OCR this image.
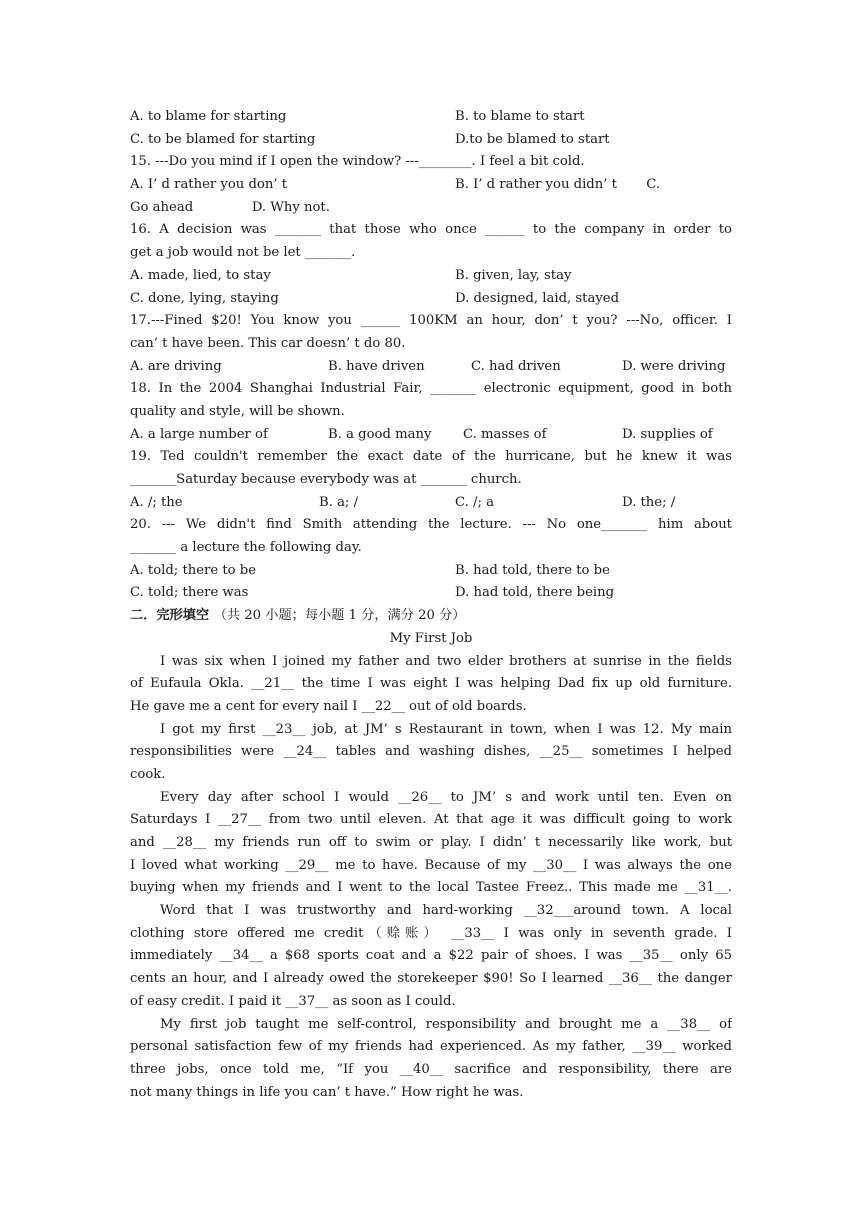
A. to blame for starting	B. to blame to start
C. to be blamed for starting	D.to be blamed to start
15. ---Do you mind if I open the window? ---________. I feel a bit cold.
A. I’ d rather you don’ t	B. I’ d rather you didn’ t       C.
Go ahead              D. Why not.
16. A decision was _______ that those who once ______ to the company in order to
get a job would not be let _______.
A. made, lied, to stay	B. given, lay, stay
C. done, lying, staying	D. designed, laid, stayed
17.---Fined $20! You know you ______ 100KM an hour, don’ t you? ---No, officer. I
can’ t have been. This car doesn’ t do 80.
A. are driving	B. have driven	C. had driven	D. were driving
18. In the 2004 Shanghai Industrial Fair, _______ electronic equipment, good in both
quality and style, will be shown.
A. a large number of	B. a good many C. masses of	D. supplies of
19. Ted couldn't remember the exact date of the hurricane, but he knew it was
_______Saturday because everybody was at _______ church.
A. /; the	B. a; /	C. /; a	D. the; /
20. --- We didn't find Smith attending the lecture. --- No one_______ him about
_______ a lecture the following day.
A. told; there to be	B. had told, there to be
C. told; there was	D. had told, there being
二．完形填空 （共 20 小题；每小题 1 分，满分 20 分）
My First Job
I was six when I joined my father and two elder brothers at sunrise in the fields
of Eufaula Okla. __21__ the time I was eight I was helping Dad fix up old furniture.
He gave me a cent for every nail I __22__ out of old boards.
I got my first __23__ job, at JM’ s Restaurant in town, when I was 12. My main
responsibilities were __24__ tables and washing dishes, __25__ sometimes I helped
cook.
Every day after school I would __26__ to JM’ s and work until ten. Even on
Saturdays I __27__ from two until eleven. At that age it was difficult going to work
and __28__ my friends run off to swim or play. I didn’ t necessarily like work, but
I loved what working __29__ me to have. Because of my __30__ I was always the one
buying when my friends and I went to the local Tastee Freez.. This made me __31__.
Word that I was trustworthy and hard-working __32___around town. A local
clothing store offered me credit（赊账） __33__ I was only in seventh grade. I
immediately __34__ a $68 sports coat and a $22 pair of shoes. I was __35__ only 65
cents an hour, and I already owed the storekeeper $90! So I learned __36__ the danger
of easy credit. I paid it __37__ as soon as I could.
My first job taught me self-control, responsibility and brought me a __38__ of
personal satisfaction few of my friends had experienced. As my father, __39__ worked
three jobs, once told me, “If you __40__ sacrifice and responsibility, there are
not many things in life you can’ t have.” How right he was.
